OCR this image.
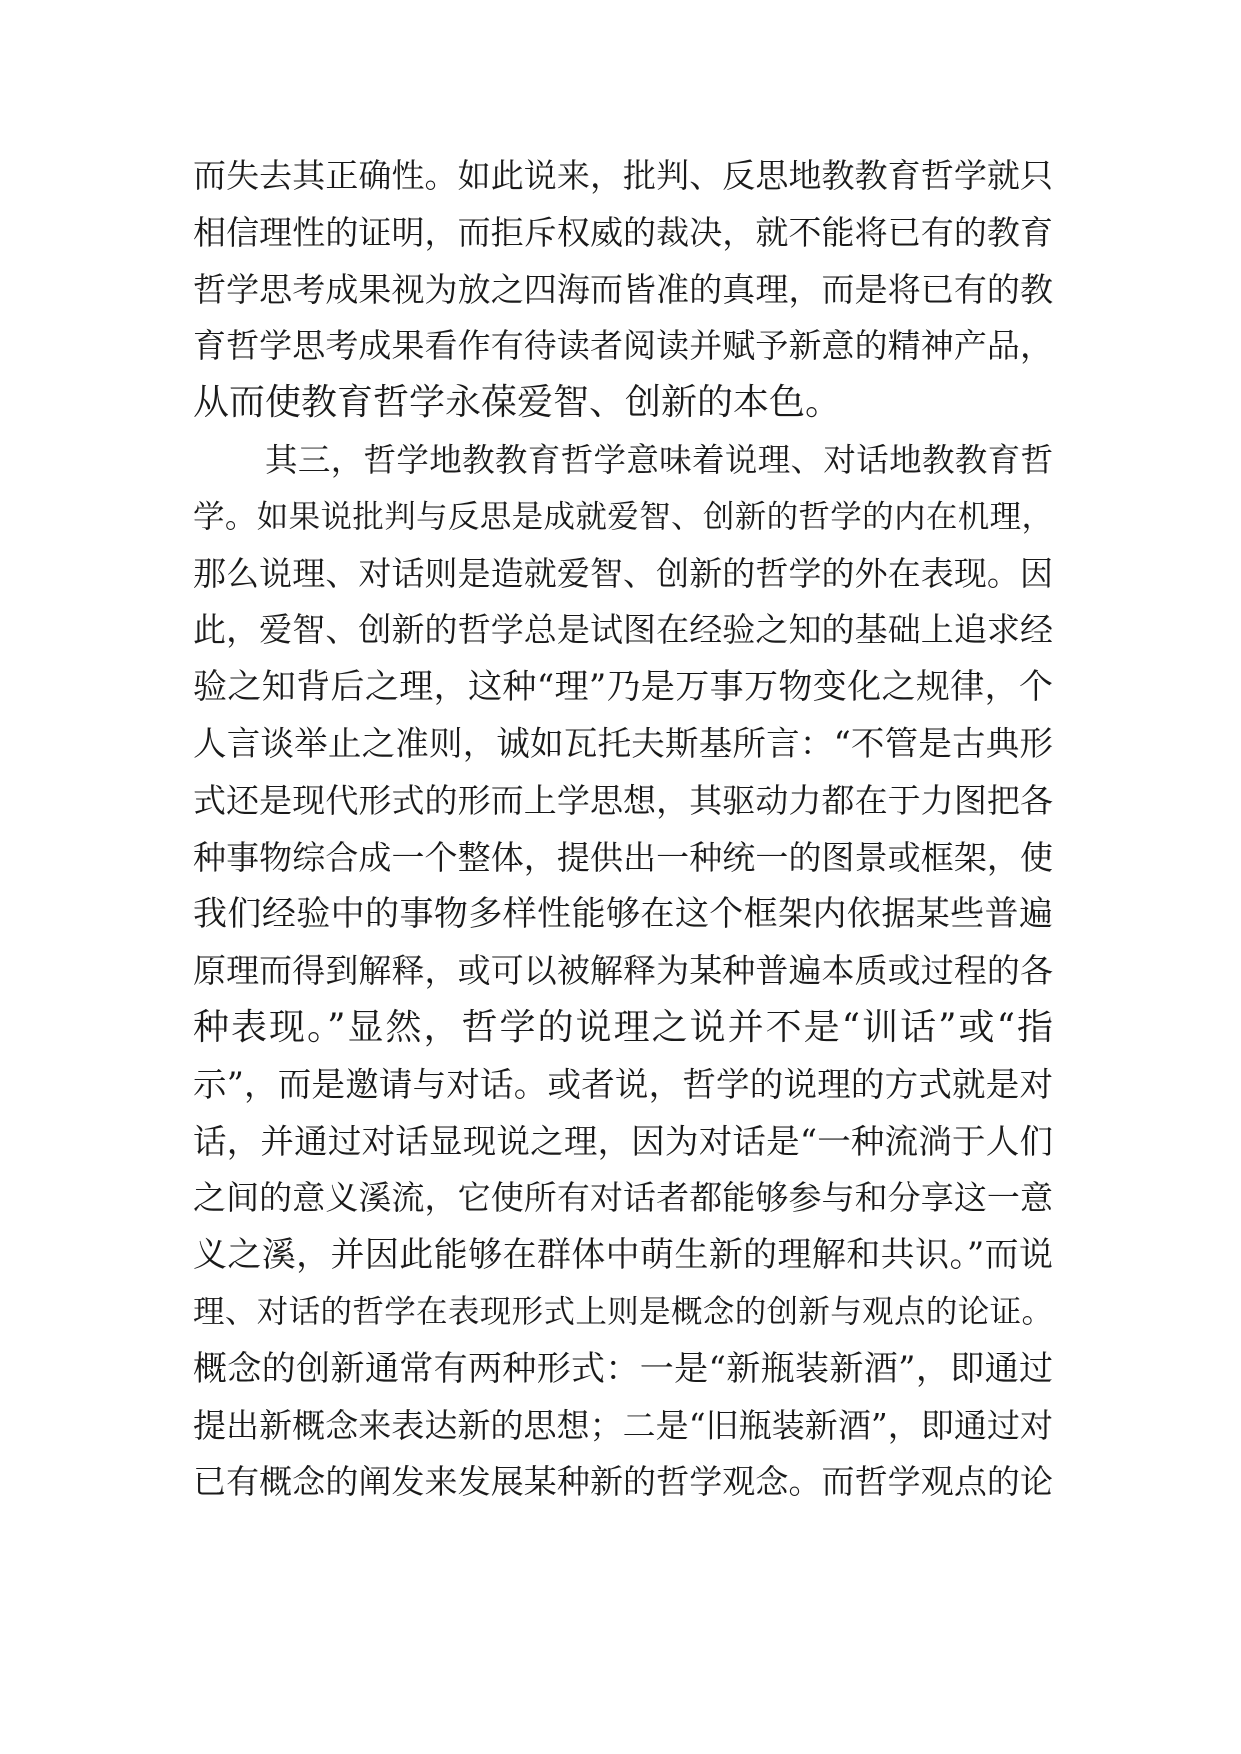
而失去其正确性。如此说来，批判、反思地教教育哲学就只
相信理性的证明，而拒斥权威的裁决，就不能将已有的教育
哲学思考成果视为放之四海而皆准的真理，而是将已有的教
育哲学思考成果看作有待读者阅读并赋予新意的精神产品，
从而使教育哲学永葆爱智、创新的本色。
其三，哲学地教教育哲学意味着说理、对话地教教育哲
学。如果说批判与反思是成就爱智、创新的哲学的内在机理，
那么说理、对话则是造就爱智、创新的哲学的外在表现。因
此，爱智、创新的哲学总是试图在经验之知的基础上追求经
验之知背后之理，这种“理”乃是万事万物变化之规律，个
人言谈举止之准则，诚如瓦托夫斯基所言：“不管是古典形
式还是现代形式的形而上学思想，其驱动力都在于力图把各
种事物综合成一个整体，提供出一种统一的图景或框架，使
我们经验中的事物多样性能够在这个框架内依据某些普遍
原理而得到解释，或可以被解释为某种普遍本质或过程的各
种表现。”显然，哲学的说理之说并不是“训话”或“指
示”，而是邀请与对话。或者说，哲学的说理的方式就是对
话，并通过对话显现说之理，因为对话是“一种流淌于人们
之间的意义溪流，它使所有对话者都能够参与和分享这一意
义之溪，并因此能够在群体中萌生新的理解和共识。”而说
理、对话的哲学在表现形式上则是概念的创新与观点的论证。
概念的创新通常有两种形式：一是“新瓶装新酒”，即通过
提出新概念来表达新的思想；二是“旧瓶装新酒”，即通过对
已有概念的阐发来发展某种新的哲学观念。而哲学观点的论
